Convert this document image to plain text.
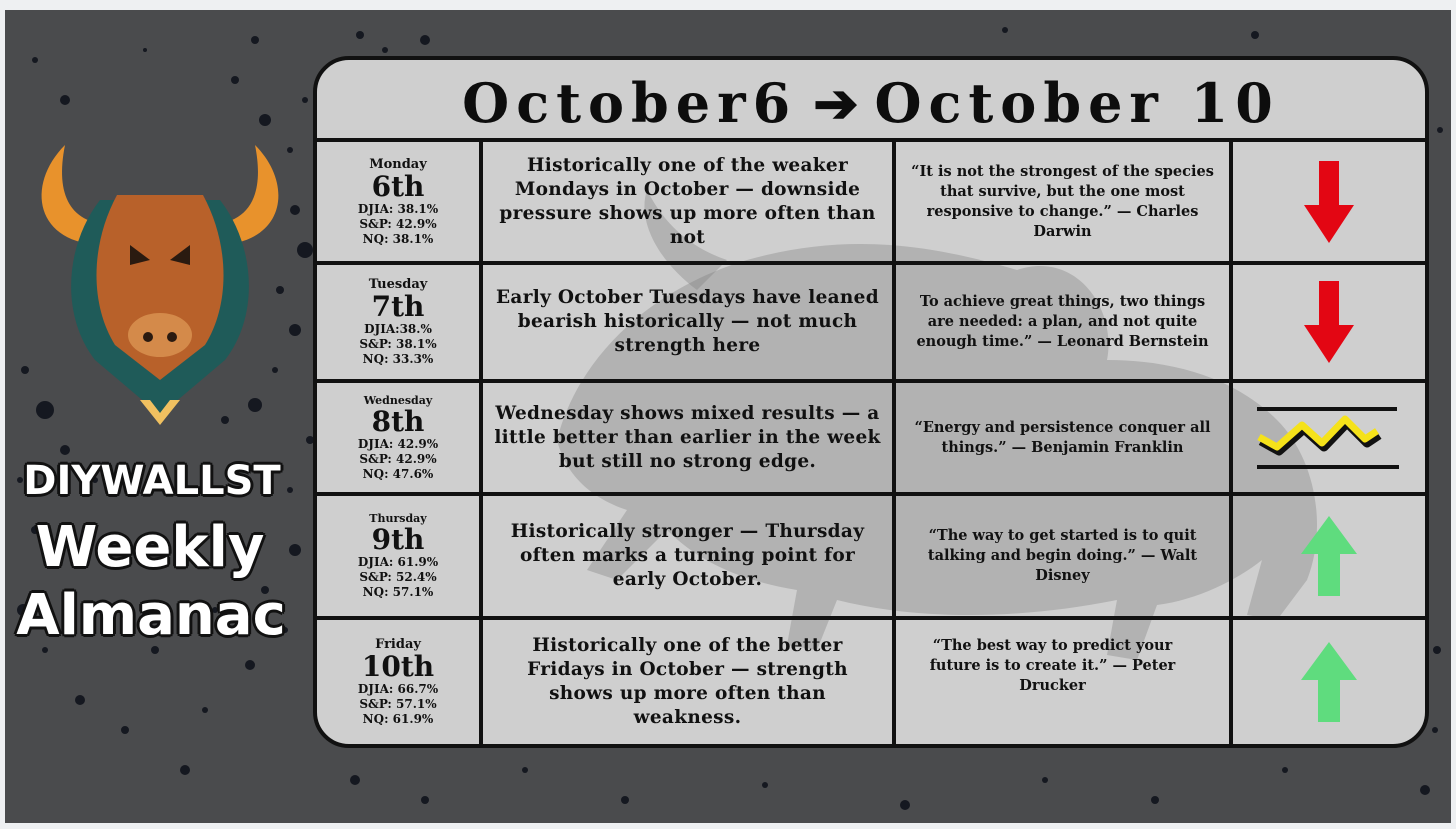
DIYWALLST
Weekly
Almanac
October6 ➔ October 10
Monday
6th
DJIA: 38.1%
S&P: 42.9%
NQ: 38.1%
Historically one of the weaker Mondays in October — downside pressure shows up more often than not
“It is not the strongest of the species that survive, but the one most responsive to change.” — Charles Darwin
Tuesday
7th
DJIA:38.%
S&P: 38.1%
NQ: 33.3%
Early October Tuesdays have leaned bearish historically — not much strength here
To achieve great things, two things are needed: a plan, and not quite enough time.” — Leonard Bernstein
Wednesday
8th
DJIA: 42.9%
S&P: 42.9%
NQ: 47.6%
Wednesday shows mixed results — a little better than earlier in the week but still no strong edge.
“Energy and persistence conquer all things.” — Benjamin Franklin
Thursday
9th
DJIA: 61.9%
S&P: 52.4%
NQ: 57.1%
Historically stronger — Thursday often marks a turning point for early October.
“The way to get started is to quit talking and begin doing.” — Walt Disney
Friday
10th
DJIA: 66.7%
S&P: 57.1%
NQ: 61.9%
Historically one of the better Fridays in October — strength shows up more often than weakness.
“The best way to predict your future is to create it.” — Peter Drucker
